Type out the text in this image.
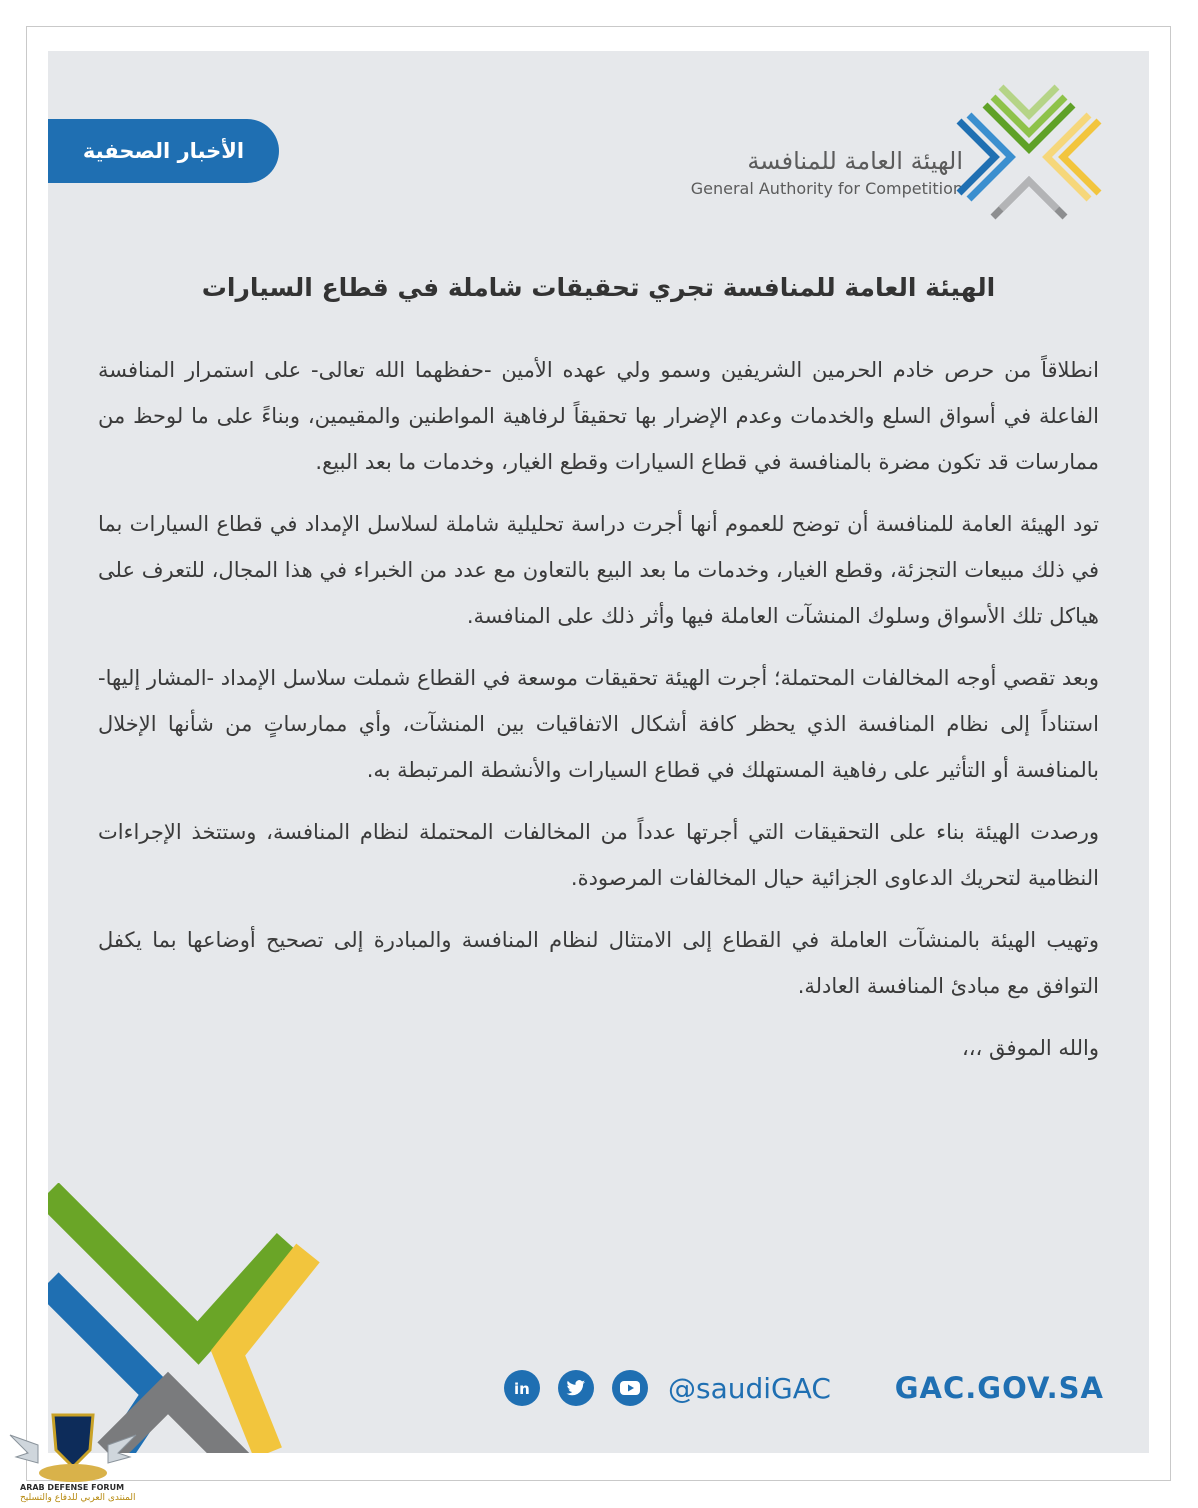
الأخبار الصحفية	الهيئة العامة للمنافسة
General Authority for Competition
الهيئة العامة للمنافسة تجري تحقيقات شاملة في قطاع السيارات

انطلاقاً من حرص خادم الحرمين الشريفين وسمو ولي عهده الأمين -حفظهما الله تعالى- على استمرار المنافسة الفاعلة في أسواق السلع والخدمات وعدم الإضرار بها تحقيقاً لرفاهية المواطنين والمقيمين، وبناءً على ما لوحظ من ممارسات قد تكون مضرة بالمنافسة في قطاع السيارات وقطع الغيار، وخدمات ما بعد البيع.

تود الهيئة العامة للمنافسة أن توضح للعموم أنها أجرت دراسة تحليلية شاملة لسلاسل الإمداد في قطاع السيارات بما في ذلك مبيعات التجزئة، وقطع الغيار، وخدمات ما بعد البيع بالتعاون مع عدد من الخبراء في هذا المجال، للتعرف على هياكل تلك الأسواق وسلوك المنشآت العاملة فيها وأثر ذلك على المنافسة.

وبعد تقصي أوجه المخالفات المحتملة؛ أجرت الهيئة تحقيقات موسعة في القطاع شملت سلاسل الإمداد -المشار إليها- استناداً إلى نظام المنافسة الذي يحظر كافة أشكال الاتفاقيات بين المنشآت، وأي ممارساتٍ من شأنها الإخلال بالمنافسة أو التأثير على رفاهية المستهلك في قطاع السيارات والأنشطة المرتبطة به.

ورصدت الهيئة بناء على التحقيقات التي أجرتها عدداً من المخالفات المحتملة لنظام المنافسة، وستتخذ الإجراءات النظامية لتحريك الدعاوى الجزائية حيال المخالفات المرصودة.

وتهيب الهيئة بالمنشآت العاملة في القطاع إلى الامتثال لنظام المنافسة والمبادرة إلى تصحيح أوضاعها بما يكفل التوافق مع مبادئ المنافسة العادلة.

والله الموفق ،،،

in	@saudiGAC GAC.GOV.SA
ARAB DEFENSE FORUM
المنتدى العربي للدفاع والتسليح
